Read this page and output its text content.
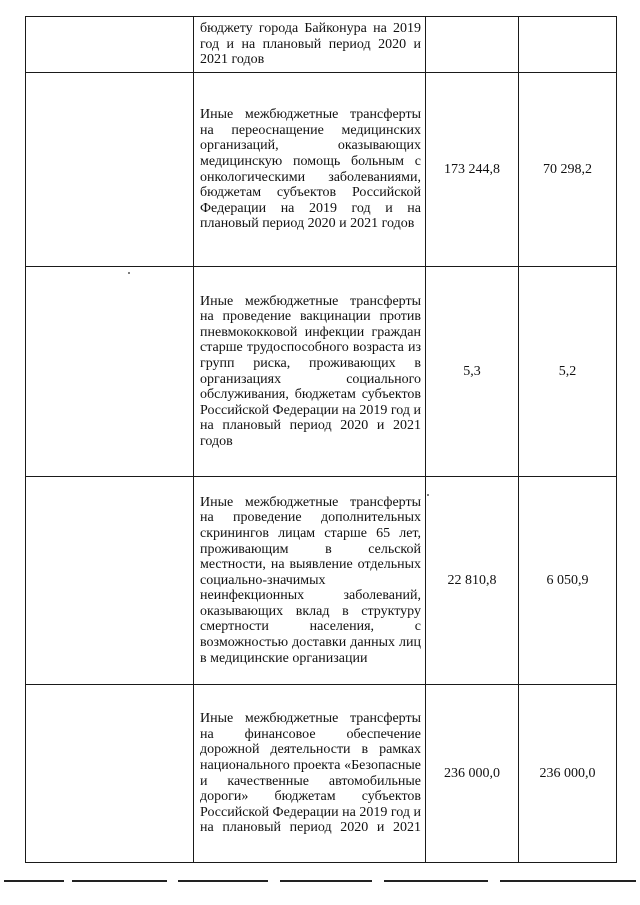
	бюджету города Байконура на 2019 год и на плановый период 2020 и 2021 годов		

	Иные межбюджетные трансферты на переоснащение медицинских организаций, оказывающих медицинскую помощь больным с онкологическими заболеваниями, бюджетам субъектов Российской Федерации на 2019 год и на плановый период 2020 и 2021 годов	173 244,8	70 298,2

	Иные межбюджетные трансферты на проведение вакцинации против пневмококковой инфекции граждан старше трудоспособного возраста из групп риска, проживающих в организациях социального обслуживания, бюджетам субъектов Российской Федерации на 2019 год и на плановый период 2020 и 2021 годов	5,3	5,2

	Иные межбюджетные трансферты на проведение дополнительных скринингов лицам старше 65 лет, проживающим в сельской местности, на выявление отдельных социально-значимых неинфекционных заболеваний, оказывающих вклад в структуру смертности населения, с возможностью доставки данных лиц в медицинские организации	22 810,8	6 050,9

	Иные межбюджетные трансферты на финансовое обеспечение дорожной деятельности в рамках национального проекта «Безопасные и качественные автомобильные дороги» бюджетам субъектов Российской Федерации на 2019 год и на плановый период 2020 и 2021	236 000,0	236 000,0
